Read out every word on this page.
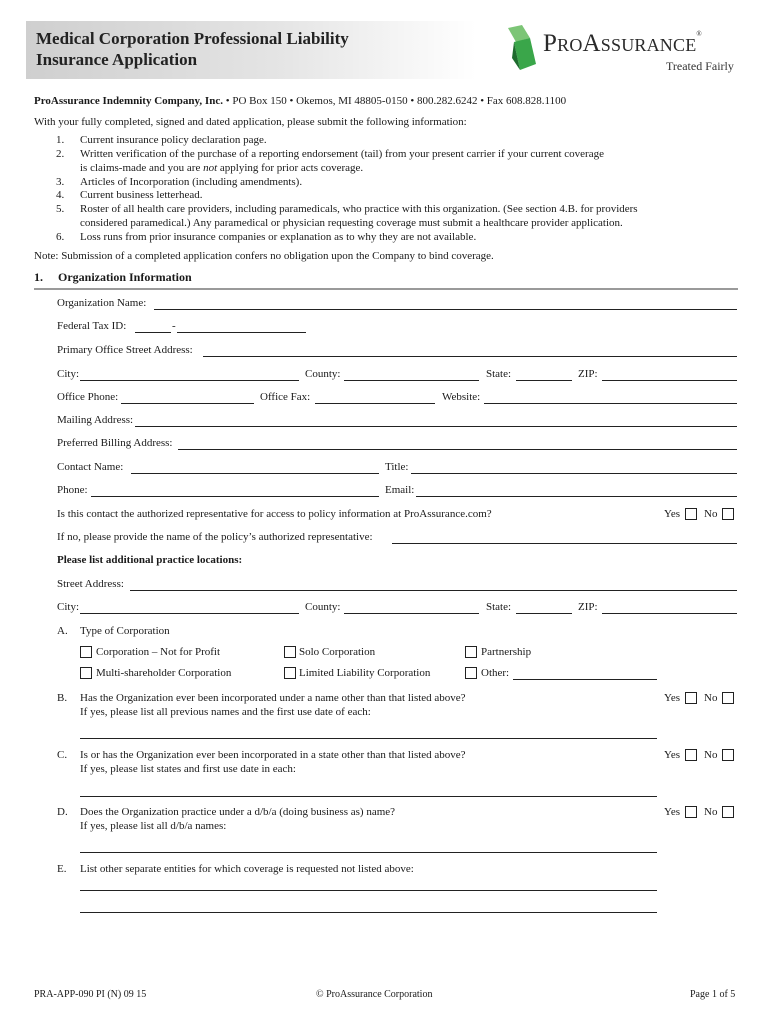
Medical Corporation Professional Liability
Insurance Application
PROASSURANCE®
Treated Fairly
ProAssurance Indemnity Company, Inc. • PO Box 150 • Okemos, MI 48805-0150 • 800.282.6242 • Fax 608.828.1100
With your fully completed, signed and dated application, please submit the following information:
1. Current insurance policy declaration page.
2. Written verification of the purchase of a reporting endorsement (tail) from your present carrier if your current coverage
is claims-made and you are not applying for prior acts coverage.
3. Articles of Incorporation (including amendments).
4. Current business letterhead.
5. Roster of all health care providers, including paramedicals, who practice with this organization. (See section 4.B. for providers
considered paramedical.) Any paramedical or physician requesting coverage must submit a healthcare provider application.
6. Loss runs from prior insurance companies or explanation as to why they are not available.
Note: Submission of a completed application confers no obligation upon the Company to bind coverage.
1. Organization Information
Organization Name:
Federal Tax ID:	-
Primary Office Street Address:
City:	County:	State:	ZIP:
Office Phone:	Office Fax:	Website:
Mailing Address:
Preferred Billing Address:
Contact Name:	Title:
Phone:	Email:
Is this contact the authorized representative for access to policy information at ProAssurance.com?	Yes No
If no, please provide the name of the policy’s authorized representative:
Please list additional practice locations:
Street Address:
City:	County:	State:	ZIP:
A. Type of Corporation
Corporation – Not for Profit	Solo Corporation	Partnership
Multi-shareholder Corporation	Limited Liability Corporation	Other:
B. Has the Organization ever been incorporated under a name other than that listed above?
If yes, please list all previous names and the first use date of each:
Yes No
C. Is or has the Organization ever been incorporated in a state other than that listed above?
If yes, please list states and first use date in each:
Yes No
D. Does the Organization practice under a d/b/a (doing business as) name?
If yes, please list all d/b/a names:
Yes No
E. List other separate entities for which coverage is requested not listed above:
PRA-APP-090 PI (N) 09 15	© ProAssurance Corporation	Page 1 of 5
